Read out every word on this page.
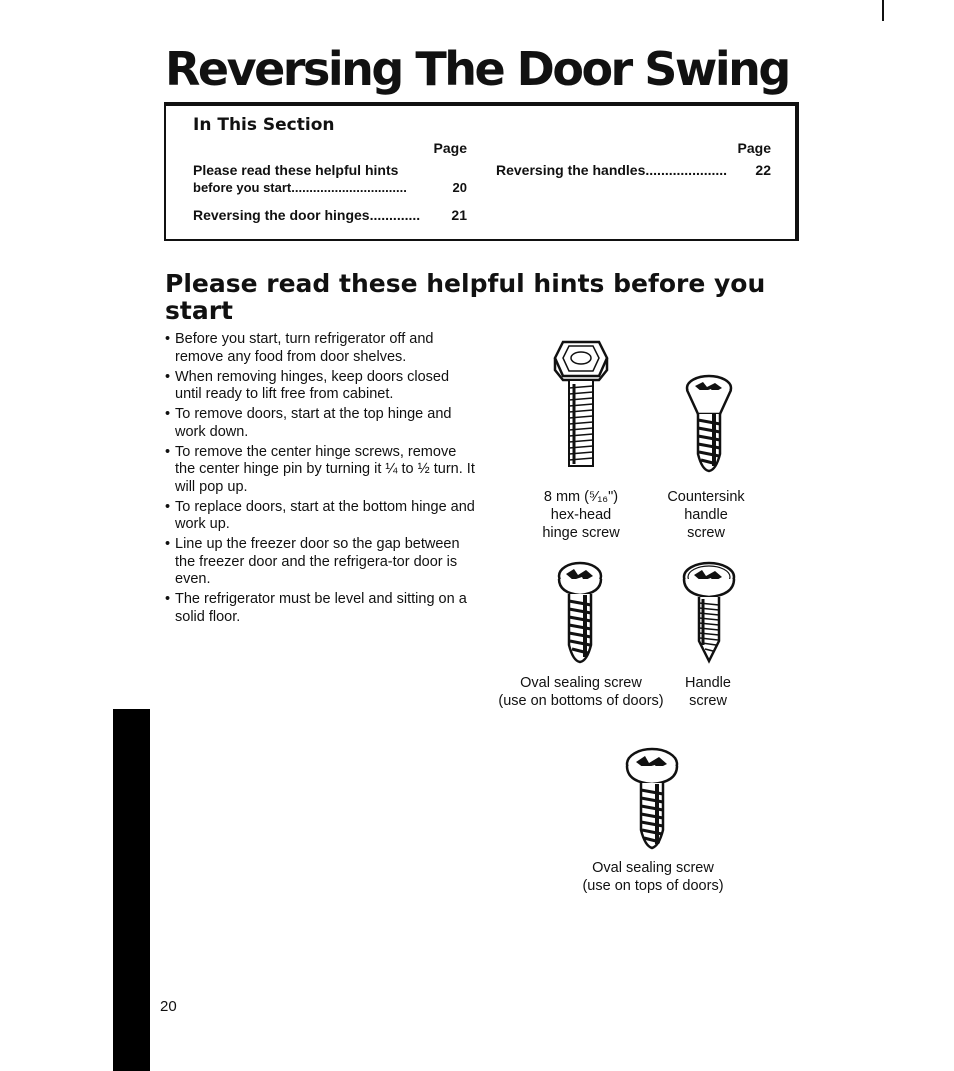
Reversing The Door Swing
In This Section
Page	Page
Please read these helpful hints
before you start ................................	20
Reversing the door hinges .............	21
Reversing the handles .....................	22
Please read these helpful hints before you start
• Before you start, turn refrigerator off and remove any food from door shelves.
• When removing hinges, keep doors closed until ready to lift free from cabinet.
• To remove doors, start at the top hinge and work down.
• To remove the center hinge screws, remove the center hinge pin by turning it ¼ to ½ turn. It will pop up.
• To replace doors, start at the bottom hinge and work up.
• Line up the freezer door so the gap between the freezer door and the refrigera-tor door is even.
• The refrigerator must be level and sitting on a solid floor.
8 mm (⁵⁄₁₆")
hex-head
hinge screw
Countersink
handle
screw
Oval sealing screw
(use on bottoms of doors)
Handle
screw
Oval sealing screw
(use on tops of doors)
20
